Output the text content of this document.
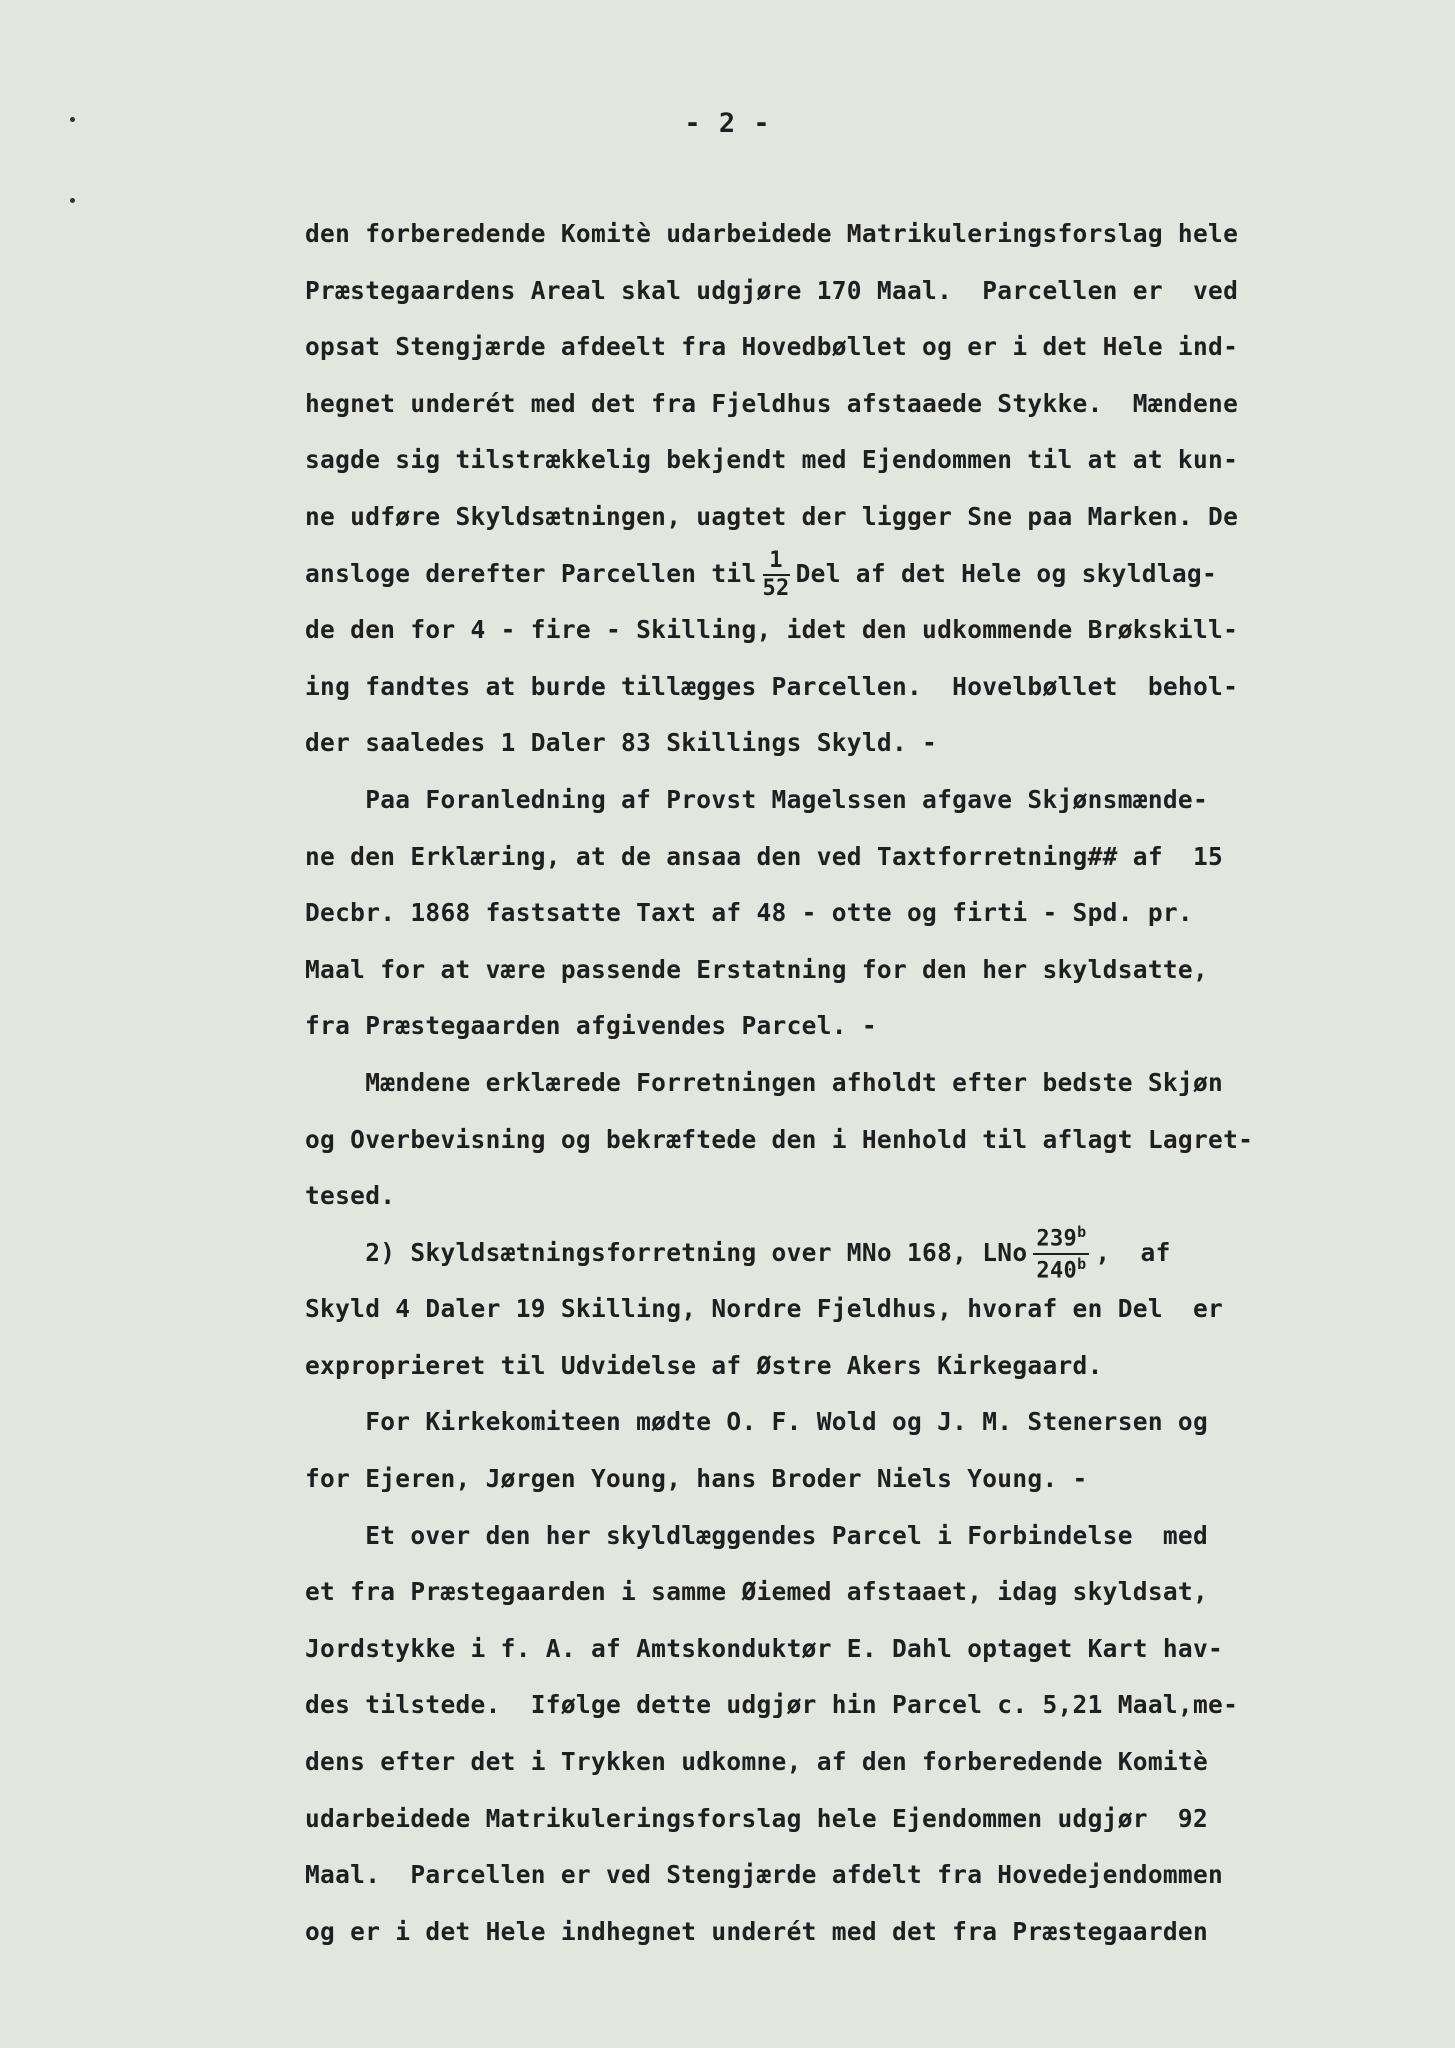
- 2 -
den forberedende Komitè udarbeidede Matrikuleringsforslag hele
Præstegaardens Areal skal udgjøre 170 Maal.  Parcellen er  ved
opsat Stengjærde afdeelt fra Hovedbøllet og er i det Hele ind-
hegnet underét med det fra Fjeldhus afstaaede Stykke.  Mændene
sagde sig tilstrækkelig bekjendt med Ejendommen til at at kun-
ne udføre Skyldsætningen, uagtet der ligger Sne paa Marken. De
ansloge derefter Parcellen til $\frac{1}{52}$ Del af det Hele og skyldlag-
de den for 4 - fire - Skilling, idet den udkommende Brøkskill-
ing fandtes at burde tillægges Parcellen.  Hovelbøllet  behol-
der saaledes 1 Daler 83 Skillings Skyld. -
Paa Foranledning af Provst Magelssen afgave Skjønsmænde-
ne den Erklæring, at de ansaa den ved Taxtforretning## af  15
Decbr. 1868 fastsatte Taxt af 48 - otte og firti - Spd. pr.
Maal for at være passende Erstatning for den her skyldsatte,
fra Præstegaarden afgivendes Parcel. -
Mændene erklærede Forretningen afholdt efter bedste Skjøn
og Overbevisning og bekræftede den i Henhold til aflagt Lagret-
tesed.
2) Skyldsætningsforretning over MNo 168, LNo $\frac{239^b}{240^b}$ ,  af
Skyld 4 Daler 19 Skilling, Nordre Fjeldhus, hvoraf en Del  er
exproprieret til Udvidelse af Østre Akers Kirkegaard.
For Kirkekomiteen mødte O. F. Wold og J. M. Stenersen og
for Ejeren, Jørgen Young, hans Broder Niels Young. -
Et over den her skyldlæggendes Parcel i Forbindelse  med
et fra Præstegaarden i samme Øiemed afstaaet, idag skyldsat,
Jordstykke i f. A. af Amtskonduktør E. Dahl optaget Kart hav-
des tilstede.  Ifølge dette udgjør hin Parcel c. 5,21 Maal,me-
dens efter det i Trykken udkomne, af den forberedende Komitè
udarbeidede Matrikuleringsforslag hele Ejendommen udgjør  92
Maal.  Parcellen er ved Stengjærde afdelt fra Hovedejendommen
og er i det Hele indhegnet underét med det fra Præstegaarden
